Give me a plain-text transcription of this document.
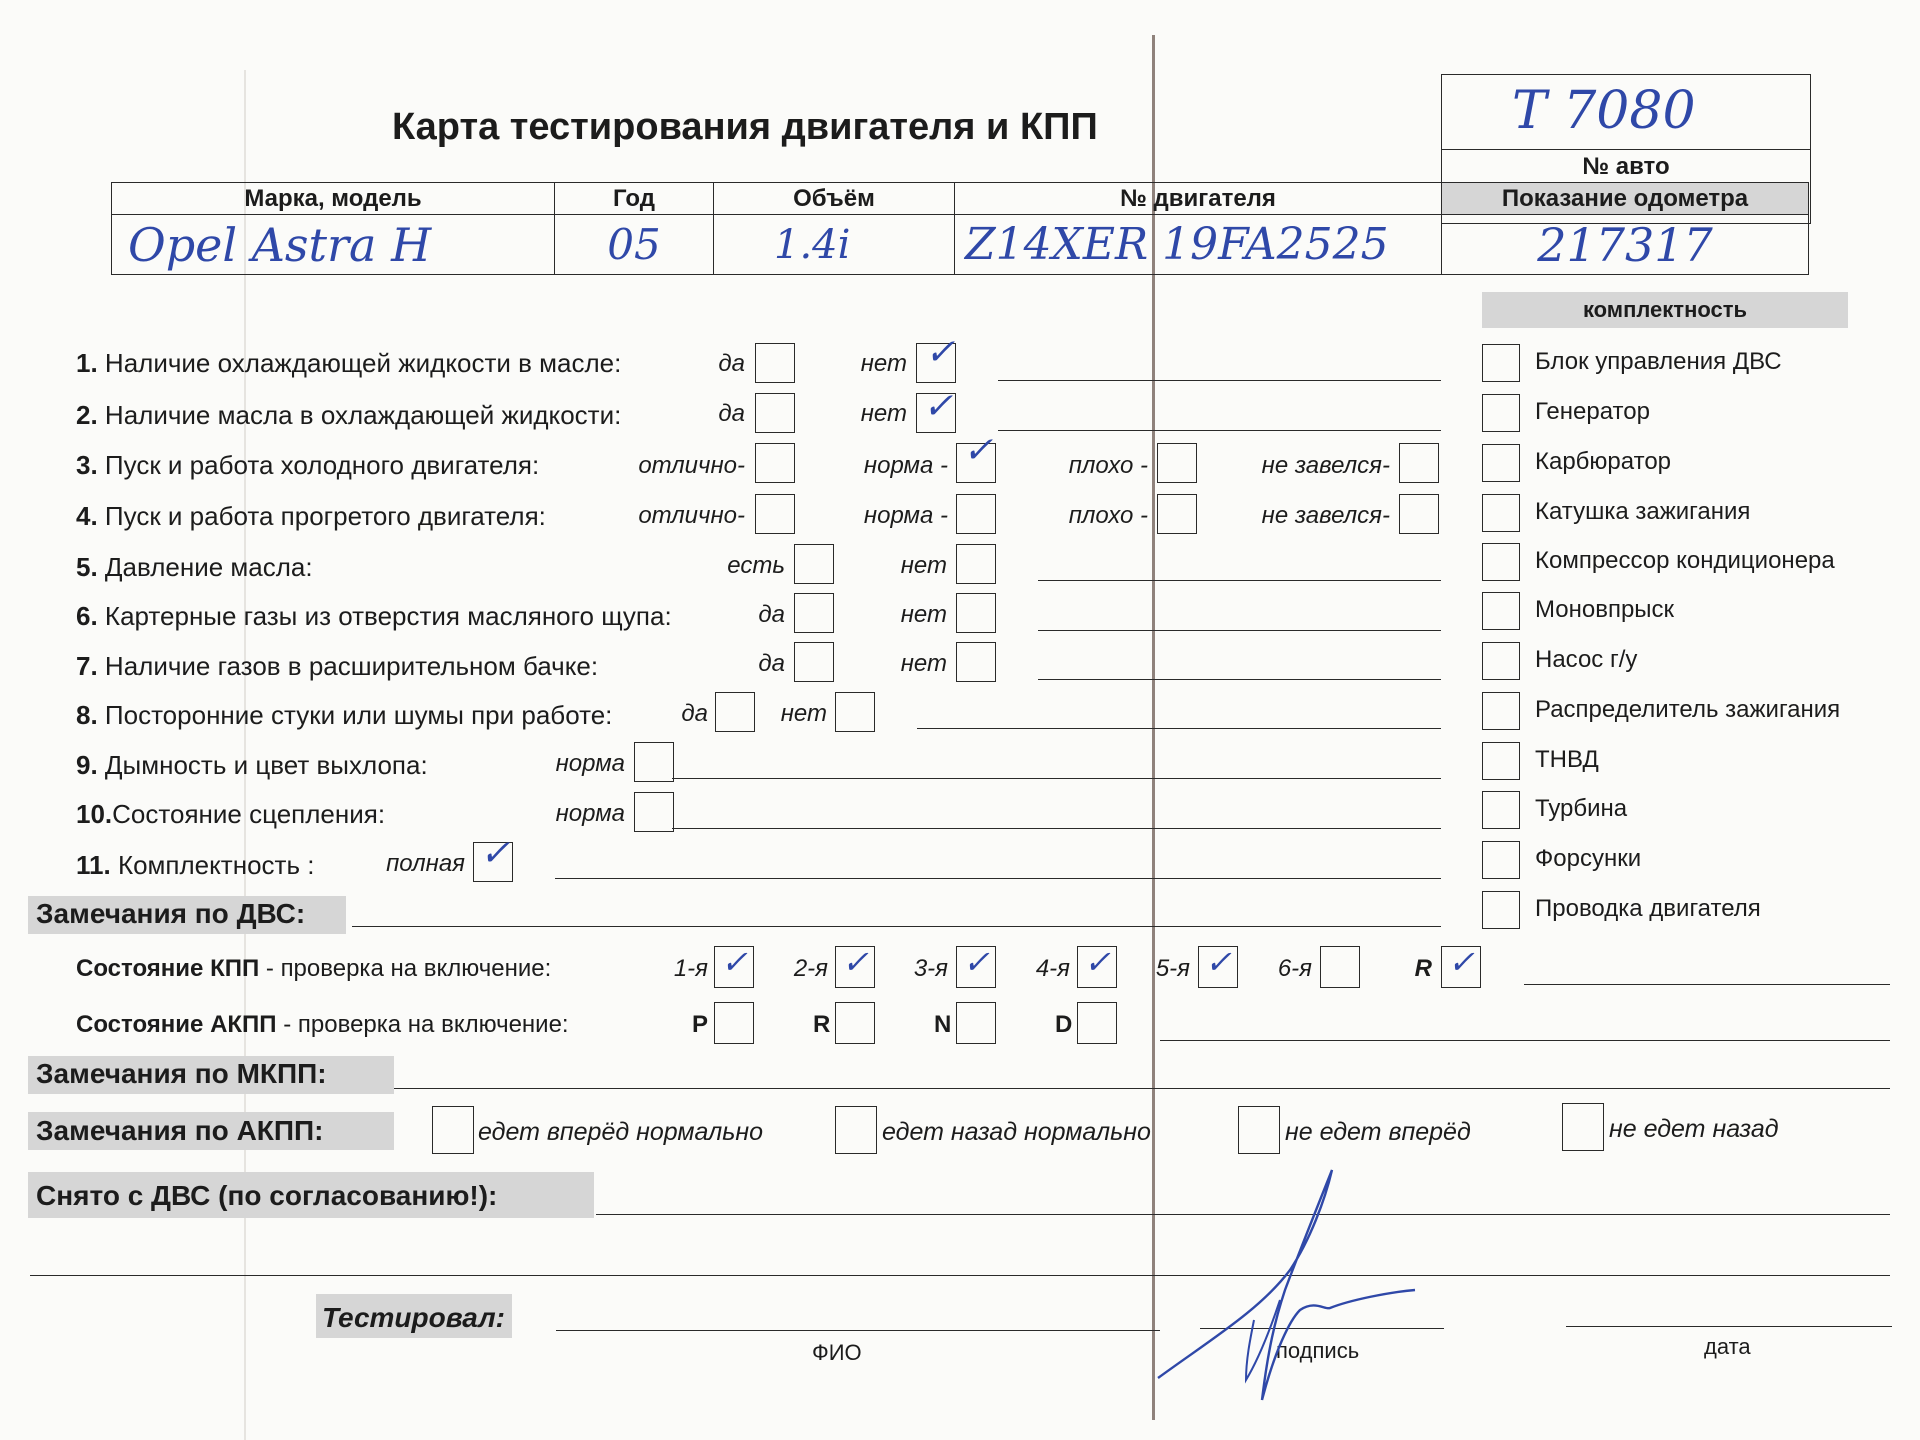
Карта тестирования двигателя и КПП	T 7080
№ авто
Марка, модель	Год	Объём	№ двигателя	Показание одометра
Opel Astra H	05	1.4i	Z14XER 19FA2525	217317
комплектность
Блок управления ДВС
Генератор
Карбюратор
Катушка зажигания
Компрессор кондиционера
Моновпрыск
Насос г/у
Распределитель зажигания
ТНВД
Турбина
Форсунки
Проводка двигателя
1. Наличие охлаждающей жидкости в масле:	да	нет ✓
2. Наличие масла в охлаждающей жидкости:	да	нет ✓
3. Пуск и работа холодного двигателя:	отлично-	норма - ✓	плохо -	не завелся-
4. Пуск и работа прогретого двигателя:	отлично-	норма -	плохо -	не завелся-
5. Давление масла:	есть	нет
6. Картерные газы из отверстия масляного щупа:	да	нет
7. Наличие газов в расширительном бачке:	да	нет
8. Посторонние стуки или шумы при работе:	да	нет
9. Дымность и цвет выхлопа:	норма
10.Состояние сцепления:	норма
11. Комплектность :	полная ✓
Замечания по ДВС:
Состояние КПП - проверка на включение:	1-я ✓	2-я ✓	3-я ✓	4-я ✓	5-я ✓	6-я	R ✓
Состояние АКПП - проверка на включение:	P	R	N	D
Замечания по МКПП:
Замечания по АКПП:	едет вперёд нормально	едет назад нормально	не едет вперёд	не едет назад
Снято с ДВС (по согласованию!):
Тестировал:
ФИО	подпись	дата
